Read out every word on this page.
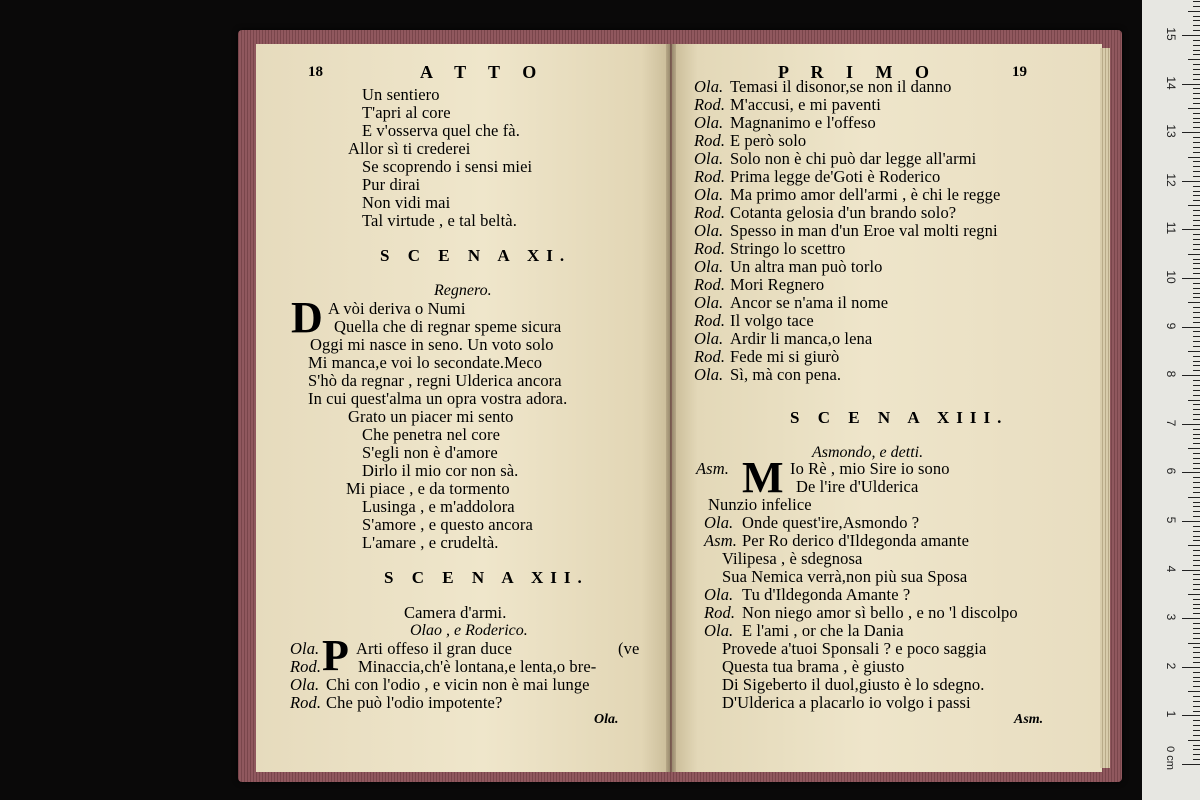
18	A T T O
Un sentiero
T'apri al core
E v'osserva quel che fà.
Allor sì ti crederei
Se scoprendo i sensi miei
Pur dirai
Non vidi mai
Tal virtude , e tal beltà.
S C E N A XI.
Regnero.
D A vòi deriva o Numi
Quella che di regnar speme sicura
Oggi mi nasce in seno. Un voto solo
Mi manca,e voi lo secondate.Meco
S'hò da regnar , regni Ulderica ancora
In cui quest'alma un opra vostra adora.
Grato un piacer mi sento
Che penetra nel core
S'egli non è d'amore
Dirlo il mio cor non sà.
Mi piace , e da tormento
Lusinga , e m'addolora
S'amore , e questo ancora
L'amare , e crudeltà.
S C E N A XII.
Camera d'armi.
Olao , e Roderico.
P
Ola. Arti offeso il gran duce	(ve
Rod. Minaccia,ch'è lontana,e lenta,o bre-
Ola. Chi con l'odio , e vicin non è mai lunge
Rod. Che può l'odio impotente?
Ola.
P R I M O	19
Ola. Temasi il disonor,se non il danno
Rod. M'accusi, e mi paventi
Ola. Magnanimo e l'offeso
Rod. E però solo
Ola. Solo non è chi può dar legge all'armi
Rod. Prima legge de'Goti è Roderico
Ola. Ma primo amor dell'armi , è chi le regge
Rod. Cotanta gelosia d'un brando solo?
Ola. Spesso in man d'un Eroe val molti regni
Rod. Stringo lo scettro
Ola. Un altra man può torlo
Rod. Mori Regnero
Ola. Ancor se n'ama il nome
Rod. Il volgo tace
Ola. Ardir li manca,o lena
Rod. Fede mi si giurò
Ola. Sì, mà con pena.
S C E N A XIII.
Asmondo, e detti.
Asm. M Io Rè , mio Sire io sono
De l'ire d'Ulderica
Nunzio infelice
Ola. Onde quest'ire,Asmondo ?
Asm. Per Ro derico d'Ildegonda amante
Vilipesa , è sdegnosa
Sua Nemica verrà,non più sua Sposa
Ola. Tu d'Ildegonda Amante ?
Rod. Non niego amor sì bello , e no 'l discolpo
Ola. E l'ami , or che la Dania
Provede a'tuoi Sponsali ? e poco saggia
Questa tua brama , è giusto
Di Sigeberto il duol,giusto è lo sdegno.
D'Ulderica a placarlo io volgo i passi
Asm.
0 cm
1
2
3
4
5
6
7
8
9
10
11
12
13
14
15
